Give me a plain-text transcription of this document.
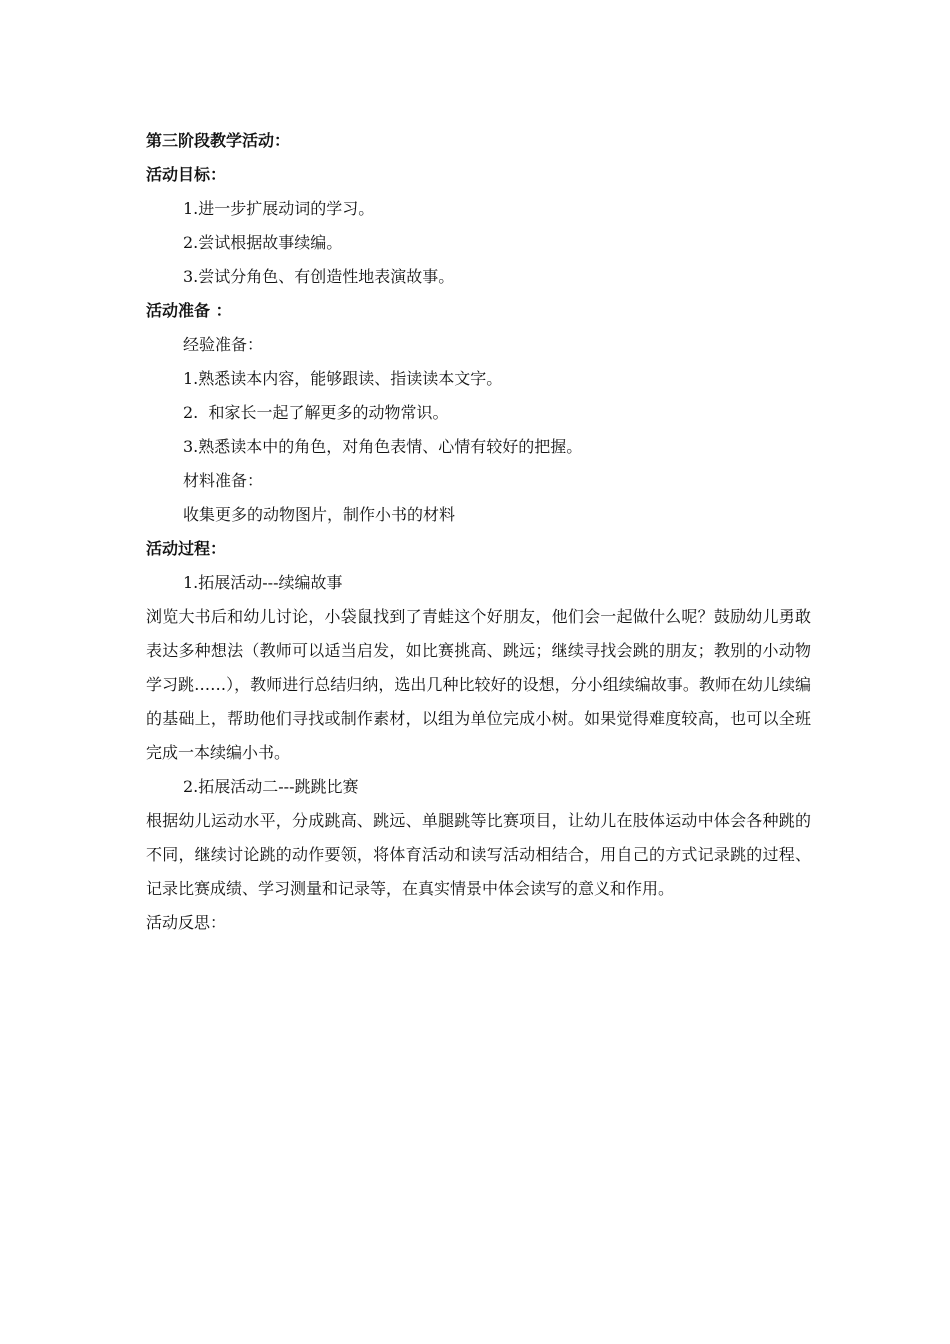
第三阶段教学活动：

活动目标：

1.进一步扩展动词的学习。

2.尝试根据故事续编。

3.尝试分角色、有创造性地表演故事。

活动准备 ：

经验准备：

1.熟悉读本内容，能够跟读、指读读本文字。

2.  和家长一起了解更多的动物常识。

3.熟悉读本中的角色，对角色表情、心情有较好的把握。

材料准备：

收集更多的动物图片，制作小书的材料

活动过程：

1.拓展活动---续编故事

浏览大书后和幼儿讨论，小袋鼠找到了青蛙这个好朋友，他们会一起做什么呢？鼓励幼儿勇敢表达多种想法（教师可以适当启发，如比赛挑高、跳远；继续寻找会跳的朋友；教别的小动物学习跳……），教师进行总结归纳，选出几种比较好的设想，分小组续编故事。教师在幼儿续编的基础上，帮助他们寻找或制作素材，以组为单位完成小树。如果觉得难度较高，也可以全班完成一本续编小书。

2.拓展活动二---跳跳比赛

根据幼儿运动水平，分成跳高、跳远、单腿跳等比赛项目，让幼儿在肢体运动中体会各种跳的不同，继续讨论跳的动作要领，将体育活动和读写活动相结合，用自己的方式记录跳的过程、记录比赛成绩、学习测量和记录等，在真实情景中体会读写的意义和作用。

活动反思：
